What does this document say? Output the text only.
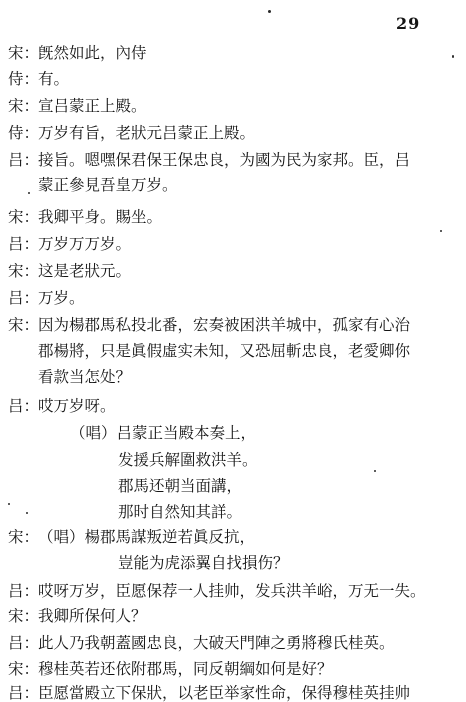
29
宋：
旣然如此，內侍
侍：
有。
宋：
宣吕蒙正上殿。
侍：
万岁有旨，老狀元吕蒙正上殿。
吕：
接旨。嗯嘿保君保王保忠良，为國为民为家邦。臣，吕
蒙正參見吾皇万岁。
宋：
我卿平身。賜坐。
吕：
万岁万万岁。
宋：
这是老狀元。
吕：
万岁。
宋：
因为楊郡馬私投北番，宏奏被困洪羊城中，孤家有心治
郡楊將，只是眞假虛实未知，又恐屈斬忠良，老愛卿你
看款当怎处？
吕：
哎万岁呀。
（唱）吕蒙正当殿本奏上，
发援兵解圍救洪羊。
郡馬还朝当面講，
那时自然知其詳。
宋：
（唱）楊郡馬謀叛逆若眞反抗，
豈能为虎添翼自找損伤？
吕：
哎呀万岁，臣愿保荐一人挂帅，发兵洪羊峪，万无一失。
宋：
我卿所保何人？
吕：
此人乃我朝蓋國忠良，大破天門陣之勇將穆氏桂英。
宋：
穆桂英若还依附郡馬，同反朝綱如何是好？
吕：
臣愿當殿立下保狀，以老臣举家性命，保得穆桂英挂帅
